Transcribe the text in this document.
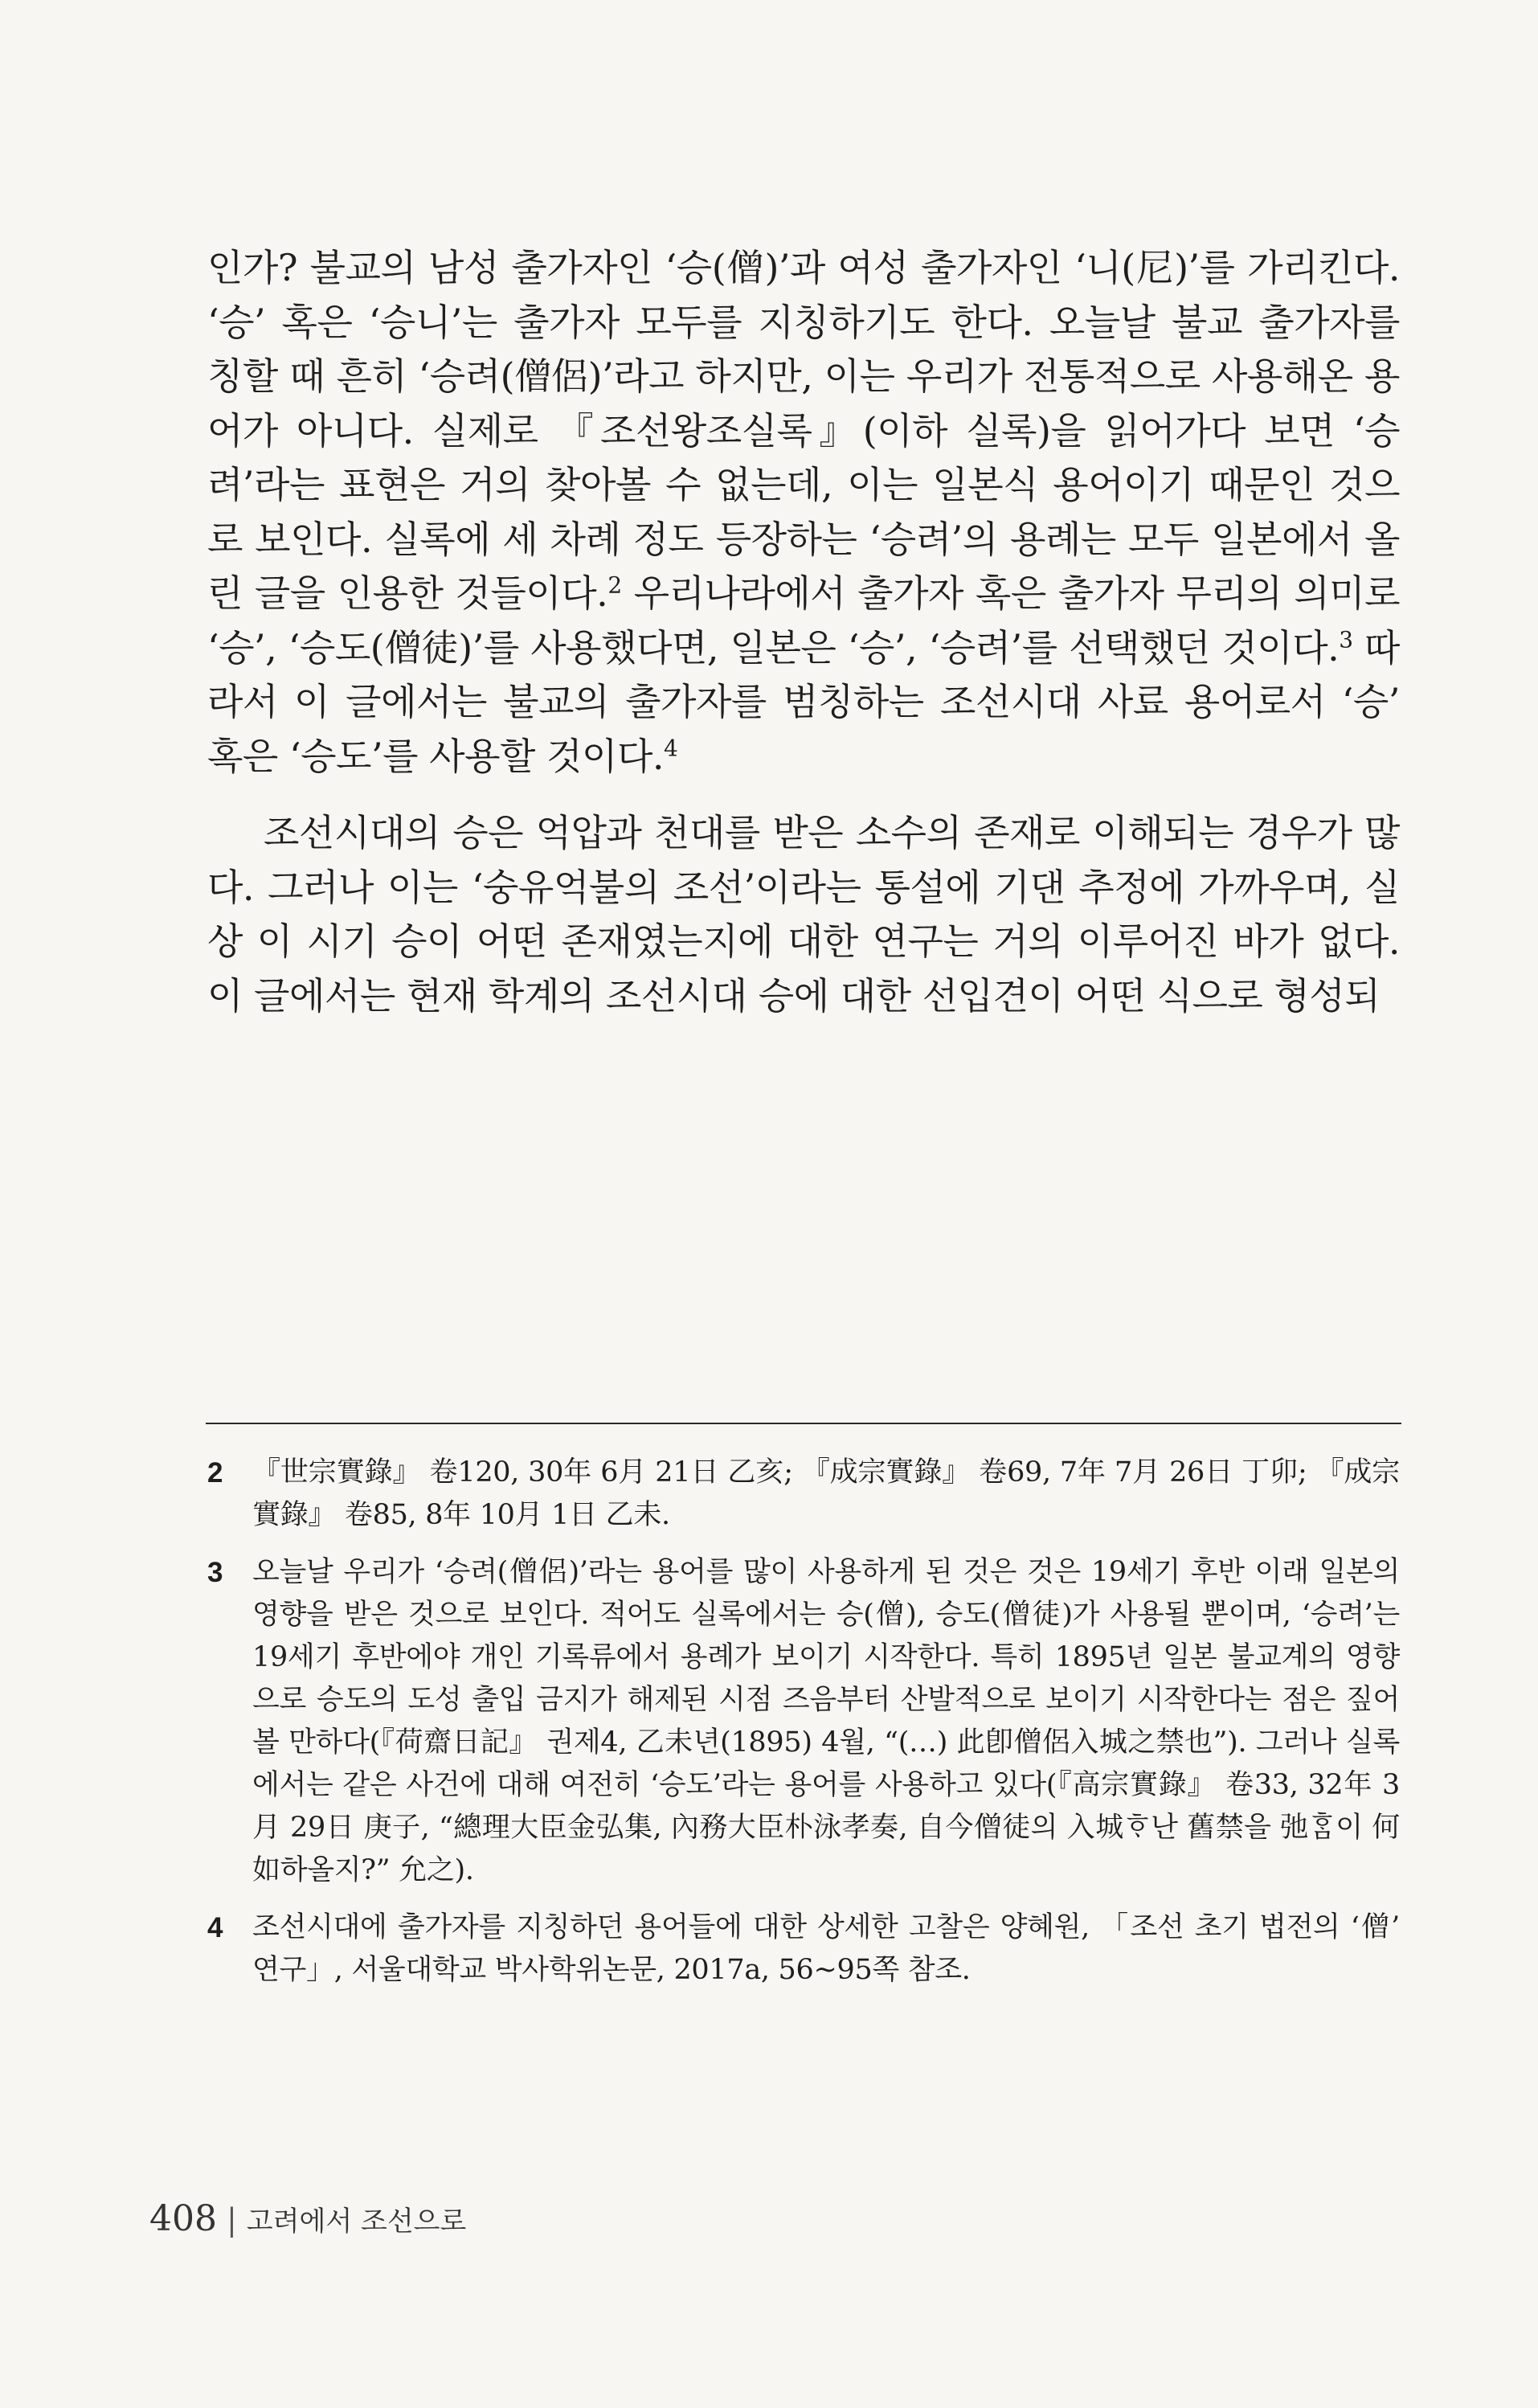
인가? 불교의 남성 출가자인 ‘승(僧)’과 여성 출가자인 ‘니(尼)’를 가리킨다. ‘승’ 혹은 ‘승니’는 출가자 모두를 지칭하기도 한다. 오늘날 불교 출가자를 칭할 때 흔히 ‘승려(僧侶)’라고 하지만, 이는 우리가 전통적으로 사용해온 용어가 아니다. 실제로 『조선왕조실록』(이하 실록)을 읽어가다 보면 ‘승려’라는 표현은 거의 찾아볼 수 없는데, 이는 일본식 용어이기 때문인 것으로 보인다. 실록에 세 차례 정도 등장하는 ‘승려’의 용례는 모두 일본에서 올린 글을 인용한 것들이다.$^2$ 우리나라에서 출가자 혹은 출가자 무리의 의미로 ‘승’, ‘승도(僧徒)’를 사용했다면, 일본은 ‘승’, ‘승려’를 선택했던 것이다.$^3$ 따라서 이 글에서는 불교의 출가자를 범칭하는 조선시대 사료 용어로서 ‘승’ 혹은 ‘승도’를 사용할 것이다.$^4$

조선시대의 승은 억압과 천대를 받은 소수의 존재로 이해되는 경우가 많다. 그러나 이는 ‘숭유억불의 조선’이라는 통설에 기댄 추정에 가까우며, 실상 이 시기 승이 어떤 존재였는지에 대한 연구는 거의 이루어진 바가 없다. 이 글에서는 현재 학계의 조선시대 승에 대한 선입견이 어떤 식으로 형성되

2 『世宗實錄』 卷120, 30年 6月 21日 乙亥; 『成宗實錄』 卷69, 7年 7月 26日 丁卯; 『成宗實錄』 卷85, 8年 10月 1日 乙未.
3 오늘날 우리가 ‘승려(僧侶)’라는 용어를 많이 사용하게 된 것은 것은 19세기 후반 이래 일본의 영향을 받은 것으로 보인다. 적어도 실록에서는 승(僧), 승도(僧徒)가 사용될 뿐이며, ‘승려’는 19세기 후반에야 개인 기록류에서 용례가 보이기 시작한다. 특히 1895년 일본 불교계의 영향으로 승도의 도성 출입 금지가 해제된 시점 즈음부터 산발적으로 보이기 시작한다는 점은 짚어볼 만하다(『荷齋日記』 권제4, 乙未년(1895) 4월, “(…) 此卽僧侶入城之禁也”). 그러나 실록에서는 같은 사건에 대해 여전히 ‘승도’라는 용어를 사용하고 있다(『高宗實錄』 卷33, 32年 3月 29日 庚子, “總理大臣金弘集, 內務大臣朴泳孝奏, 自今僧徒의 入城ᄒᆞ난 舊禁을 弛ᄒᆞᆷ이 何如하올지?” 允之).
4 조선시대에 출가자를 지칭하던 용어들에 대한 상세한 고찰은 양혜원, 「조선 초기 법전의 ‘僧’ 연구」, 서울대학교 박사학위논문, 2017a, 56~95쪽 참조.
408 | 고려에서 조선으로
